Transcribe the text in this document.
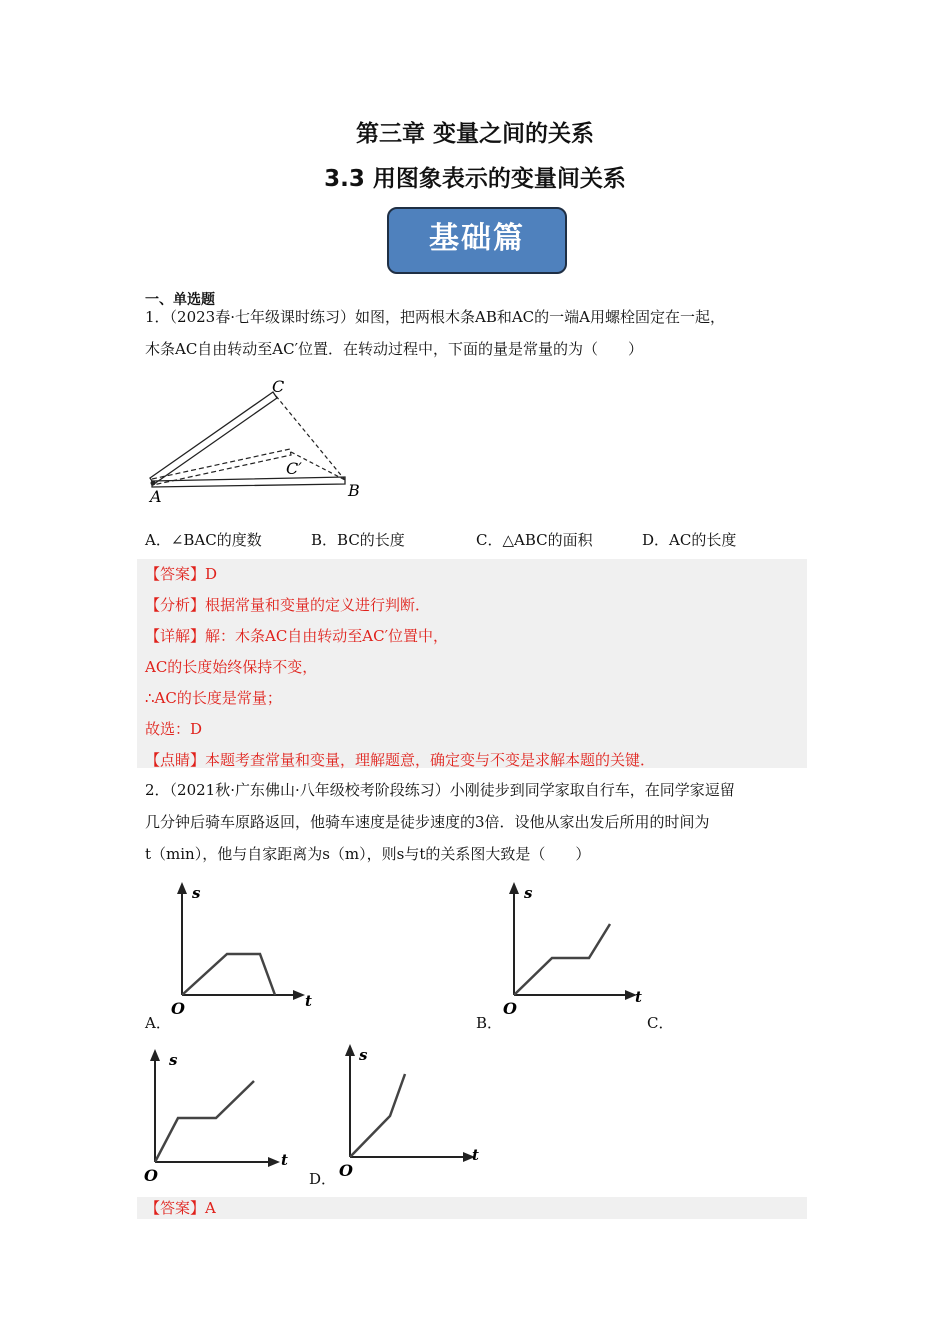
第三章 变量之间的关系
3.3 用图象表示的变量间关系
基础篇
一、单选题
1．（2023春·七年级课时练习）如图，把两根木条AB和AC的一端A用螺栓固定在一起，
木条AC自由转动至AC′位置．在转动过程中，下面的量是常量的为（　　）
C
C′
A	B
A．∠BAC的度数	B．BC的长度	C．△ABC的面积	D．AC的长度
【答案】D
【分析】根据常量和变量的定义进行判断．
【详解】解：木条AC自由转动至AC′位置中，
AC的长度始终保持不变，
∴AC的长度是常量；
故选：D
【点睛】本题考查常量和变量，理解题意，确定变与不变是求解本题的关键．
2．（2021秋·广东佛山·八年级校考阶段练习）小刚徒步到同学家取自行车，在同学家逗留
几分钟后骑车原路返回，他骑车速度是徒步速度的3倍．设他从家出发后所用的时间为
t（min），他与自家距离为s（m），则s与t的关系图大致是（　　）
s
t
O
A．
s
t
O
B．	C．
s
t
O
s
t
O
D．
【答案】A
